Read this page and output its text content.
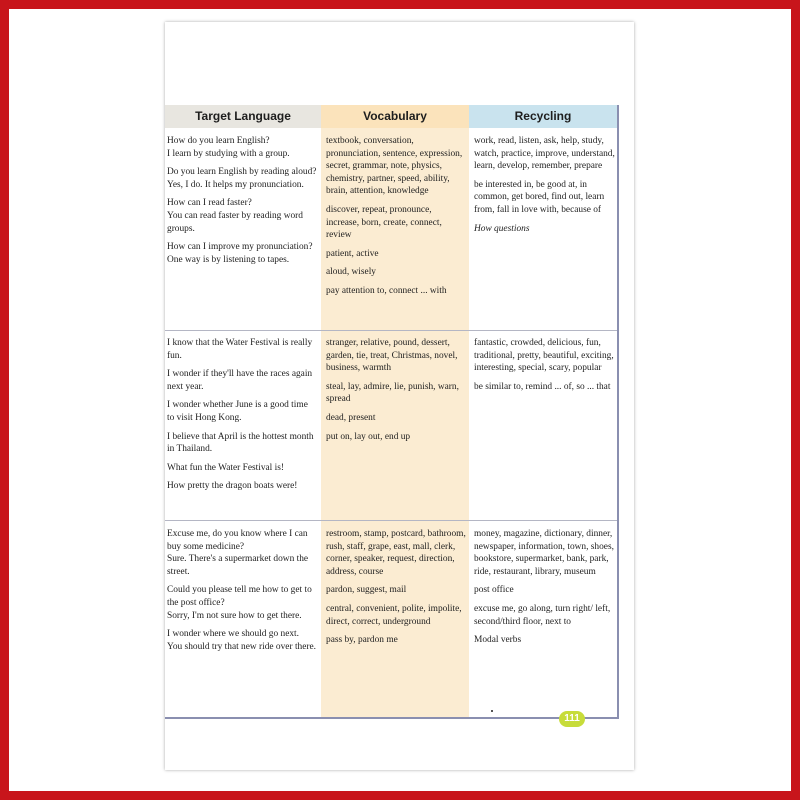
Target Language	Vocabulary	Recycling

How do you learn English?
I learn by studying with a group.

Do you learn English by reading aloud?
Yes, I do. It helps my pronunciation.

How can I read faster?
You can read faster by reading word groups.

How can I improve my pronunciation?
One way is by listening to tapes.

textbook, conversation, pronunciation, sentence, expression, secret, grammar, note, physics, chemistry, partner, speed, ability, brain, attention, knowledge

discover, repeat, pronounce, increase, born, create, connect, review

patient, active

aloud, wisely

pay attention to, connect ... with

work, read, listen, ask, help, study, watch, practice, improve, understand, learn, develop, remember, prepare

be interested in, be good at, in common, get bored, find out, learn from, fall in love with, because of

How questions

I know that the Water Festival is really fun.

I wonder if they'll have the races again next year.

I wonder whether June is a good time to visit Hong Kong.

I believe that April is the hottest month in Thailand.

What fun the Water Festival is!

How pretty the dragon boats were!

stranger, relative, pound, dessert, garden, tie, treat, Christmas, novel, business, warmth

steal, lay, admire, lie, punish, warn, spread

dead, present

put on, lay out, end up

fantastic, crowded, delicious, fun, traditional, pretty, beautiful, exciting, interesting, special, scary, popular

be similar to, remind ... of, so ... that

Excuse me, do you know where I can buy some medicine?
Sure. There's a supermarket down the street.

Could you please tell me how to get to the post office?
Sorry, I'm not sure how to get there.

I wonder where we should go next.
You should try that new ride over there.

restroom, stamp, postcard, bathroom, rush, staff, grape, east, mall, clerk, corner, speaker, request, direction, address, course

pardon, suggest, mail

central, convenient, polite, impolite, direct, correct, underground

pass by, pardon me

money, magazine, dictionary, dinner, newspaper, information, town, shoes, bookstore, supermarket, bank, park, ride, restaurant, library, museum

post office

excuse me, go along, turn right/ left, second/third floor, next to

Modal verbs

111
